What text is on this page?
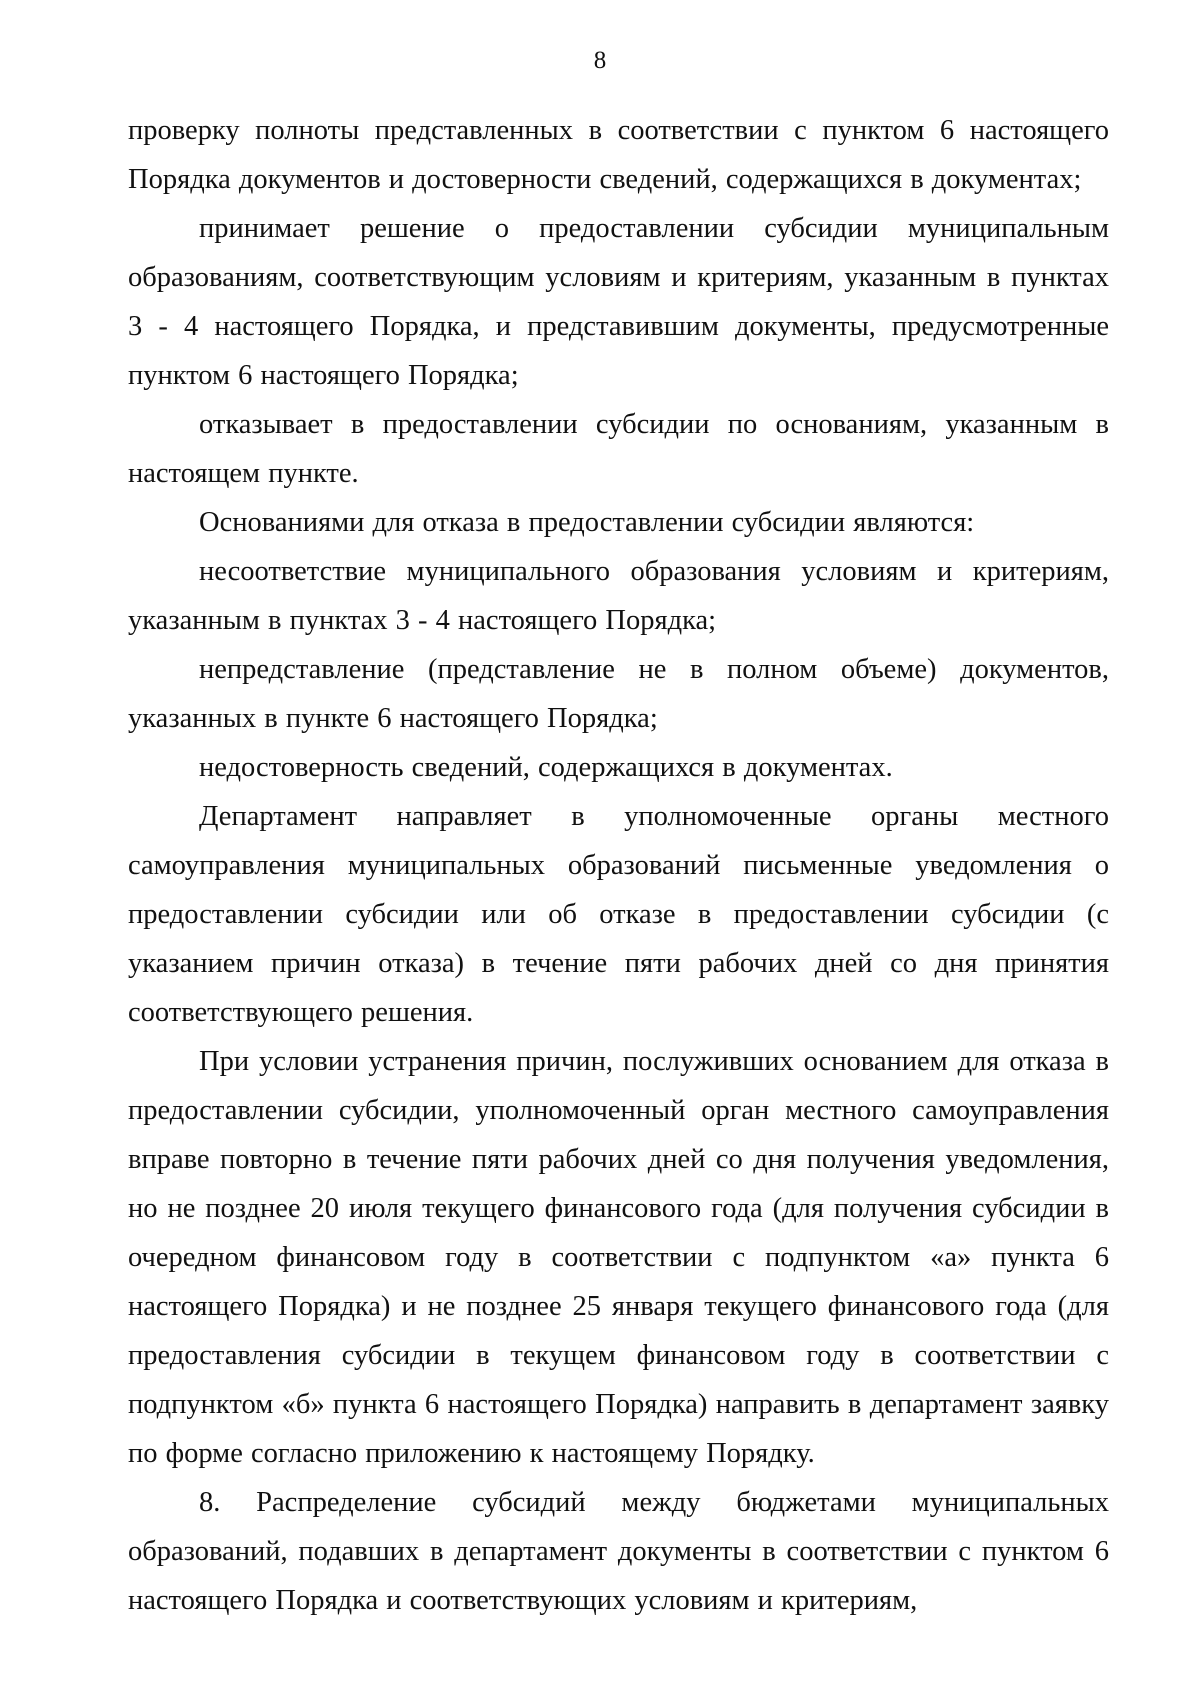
8

проверку полноты представленных в соответствии с пунктом 6 настоящего Порядка документов и достоверности сведений, содержащихся в документах;

принимает решение о предоставлении субсидии муниципальным образованиям, соответствующим условиям и критериям, указанным в пунктах 3 - 4 настоящего Порядка, и представившим документы, предусмотренные пунктом 6 настоящего Порядка;

отказывает в предоставлении субсидии по основаниям, указанным в настоящем пункте.

Основаниями для отказа в предоставлении субсидии являются:

несоответствие муниципального образования условиям и критериям, указанным в пунктах 3 - 4 настоящего Порядка;

непредставление (представление не в полном объеме) документов, указанных в пункте 6 настоящего Порядка;

недостоверность сведений, содержащихся в документах.

Департамент направляет в уполномоченные органы местного самоуправления муниципальных образований письменные уведомления о предоставлении субсидии или об отказе в предоставлении субсидии (с указанием причин отказа) в течение пяти рабочих дней со дня принятия соответствующего решения.

При условии устранения причин, послуживших основанием для отказа в предоставлении субсидии, уполномоченный орган местного самоуправления вправе повторно в течение пяти рабочих дней со дня получения уведомления, но не позднее 20 июля текущего финансового года (для получения субсидии в очередном финансовом году в соответствии с подпунктом «а» пункта 6 настоящего Порядка) и не позднее 25 января текущего финансового года (для предоставления субсидии в текущем финансовом году в соответствии с подпунктом «б» пункта 6 настоящего Порядка) направить в департамент заявку по форме согласно приложению к настоящему Порядку.

8. Распределение субсидий между бюджетами муниципальных образований, подавших в департамент документы в соответствии с пунктом 6 настоящего Порядка и соответствующих условиям и критериям,
